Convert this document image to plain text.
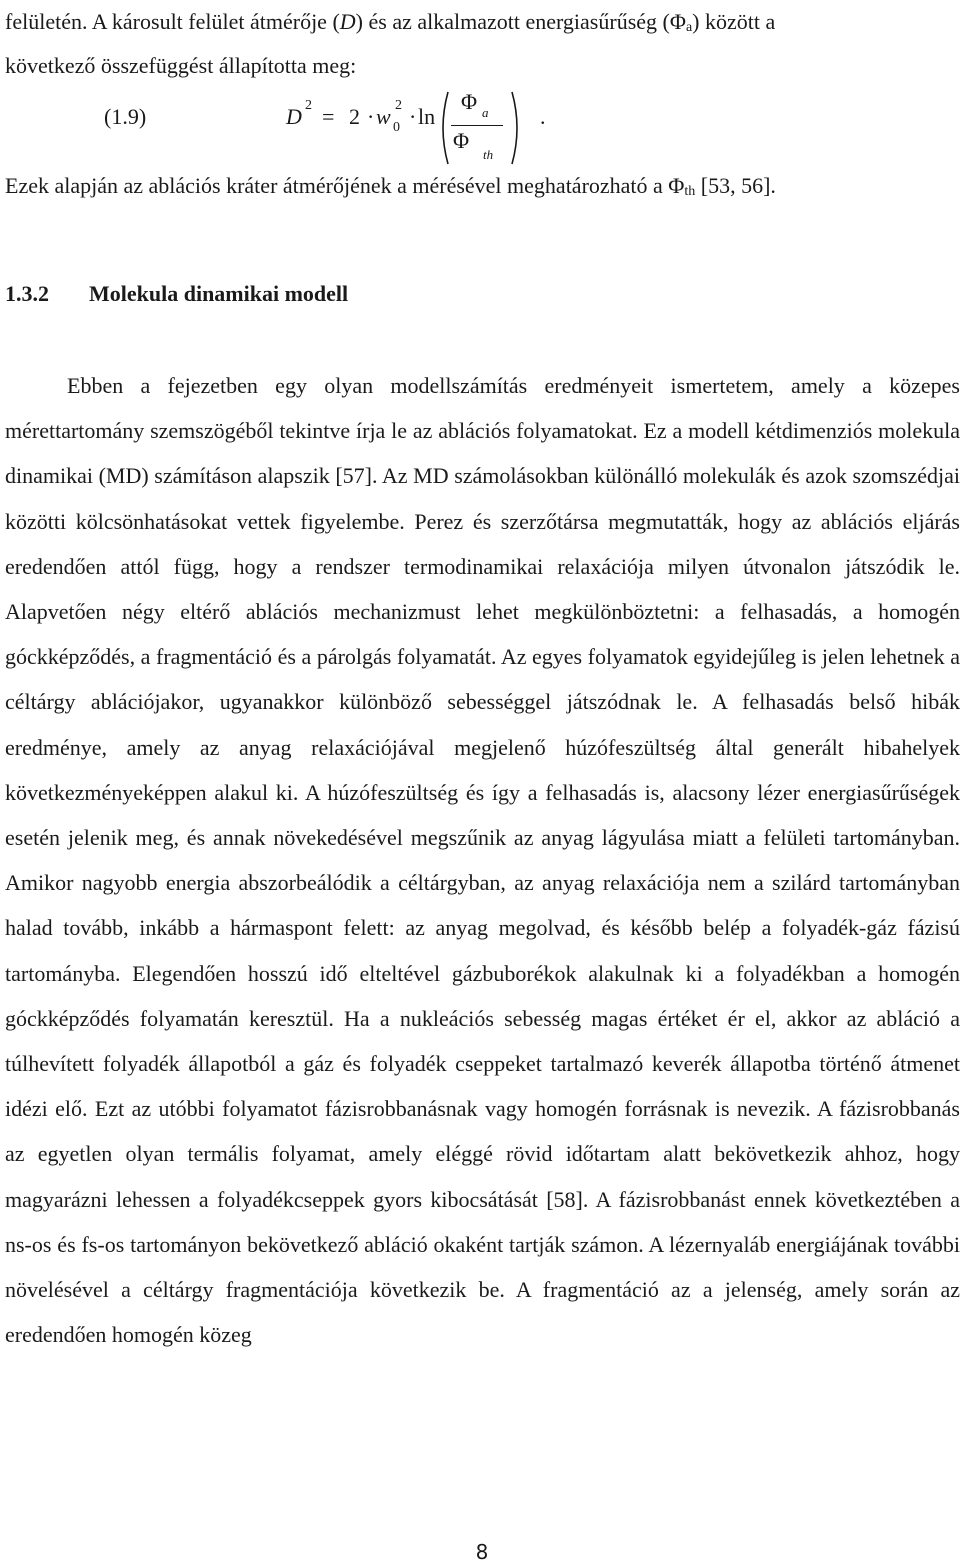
felületén. A károsult felület átmérője (D) és az alkalmazott energiasűrűség $(\Phi_a)$ között a

következő összefüggést állapította meg:

(1.9)	D 2 = 2 · w 2
0 · ln
Φ a
Φ
th
.

Ezek alapján az ablációs kráter átmérőjének a mérésével meghatározható a $\Phi_{th}$ [53, 56].

1.3.2 Molekula dinamikai modell

Ebben a fejezetben egy olyan modellszámítás eredményeit ismertetem, amely a közepes mérettartomány szemszögéből tekintve írja le az ablációs folyamatokat. Ez a modell kétdimenziós molekula dinamikai (MD) számításon alapszik [57]. Az MD számolásokban különálló molekulák és azok szomszédjai közötti kölcsönhatásokat vettek figyelembe. Perez és szerzőtársa megmutatták, hogy az ablációs eljárás eredendően attól függ, hogy a rendszer termodinamikai relaxációja milyen útvonalon játszódik le. Alapvetően négy eltérő ablációs mechanizmust lehet megkülönböztetni: a felhasadás, a homogén góckképződés, a fragmentáció és a párolgás folyamatát. Az egyes folyamatok egyidejűleg is jelen lehetnek a céltárgy ablációjakor, ugyanakkor különböző sebességgel játszódnak le. A felhasadás belső hibák eredménye, amely az anyag relaxációjával megjelenő húzófeszültség által generált hibahelyek következményeképpen alakul ki. A húzófeszültség és így a felhasadás is, alacsony lézer energiasűrűségek esetén jelenik meg, és annak növekedésével megszűnik az anyag lágyulása miatt a felületi tartományban. Amikor nagyobb energia abszorbeálódik a céltárgyban, az anyag relaxációja nem a szilárd tartományban halad tovább, inkább a hármaspont felett: az anyag megolvad, és később belép a folyadék-gáz fázisú tartományba. Elegendően hosszú idő elteltével gázbuborékok alakulnak ki a folyadékban a homogén góckképződés folyamatán keresztül. Ha a nukleációs sebesség magas értéket ér el, akkor az abláció a túlhevített folyadék állapotból a gáz és folyadék cseppeket tartalmazó keverék állapotba történő átmenet idézi elő. Ezt az utóbbi folyamatot fázisrobbanásnak vagy homogén forrásnak is nevezik. A fázisrobbanás az egyetlen olyan termális folyamat, amely eléggé rövid időtartam alatt bekövetkezik ahhoz, hogy magyarázni lehessen a folyadékcseppek gyors kibocsátását [58]. A fázisrobbanást ennek következtében a ns-os és fs-os tartományon bekövetkező abláció okaként tartják számon. A lézernyaláb energiájának további növelésével a céltárgy fragmentációja következik be. A fragmentáció az a jelenség, amely során az eredendően homogén közeg

8
